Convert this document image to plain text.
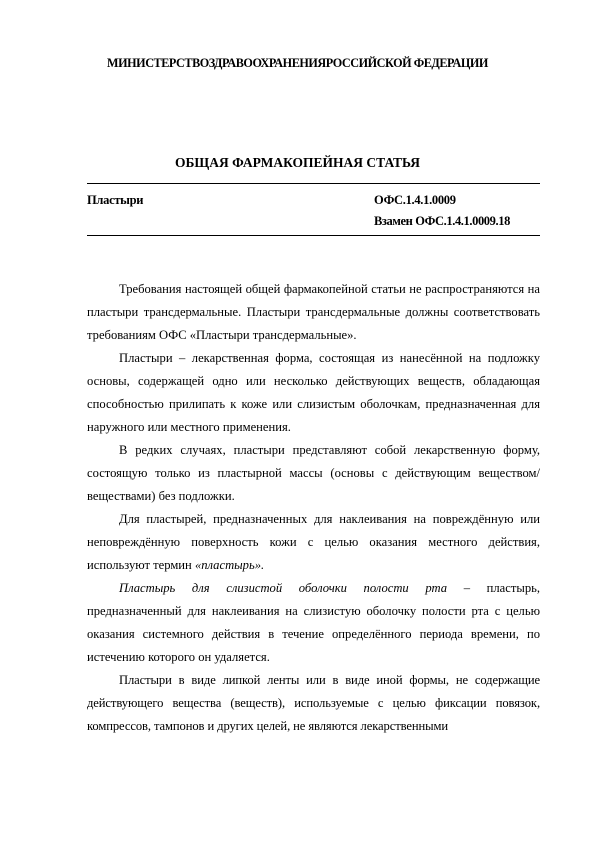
МИНИСТЕРСТВОЗДРАВООХРАНЕНИЯРОССИЙСКОЙ ФЕДЕРАЦИИ
ОБЩАЯ ФАРМАКОПЕЙНАЯ СТАТЬЯ
Пластыри	ОФС.1.4.1.0009
Взамен ОФС.1.4.1.0009.18

Требования настоящей общей фармакопейной статьи не распространяются на пластыри трансдермальные. Пластыри трансдермальные должны соответствовать требованиям ОФС «Пластыри трансдермальные».

Пластыри – лекарственная форма, состоящая из нанесённой на подложку основы, содержащей одно или несколько действующих веществ, обладающая способностью прилипать к коже или слизистым оболочкам, предназначенная для наружного или местного применения.

В редких случаях, пластыри представляют собой лекарственную форму, состоящую только из пластырной массы (основы с действующим веществом/веществами) без подложки.

Для пластырей, предназначенных для наклеивания на повреждённую или неповреждённую поверхность кожи с целью оказания местного действия, используют термин «пластырь».

Пластырь для слизистой оболочки полости рта – пластырь, предназначенный для наклеивания на слизистую оболочку полости рта с целью оказания системного действия в течение определённого периода времени, по истечению которого он удаляется.

Пластыри в виде липкой ленты или в виде иной формы, не содержащие действующего вещества (веществ), используемые с целью фиксации повязок, компрессов, тампонов и других целей, не являются лекарственными
